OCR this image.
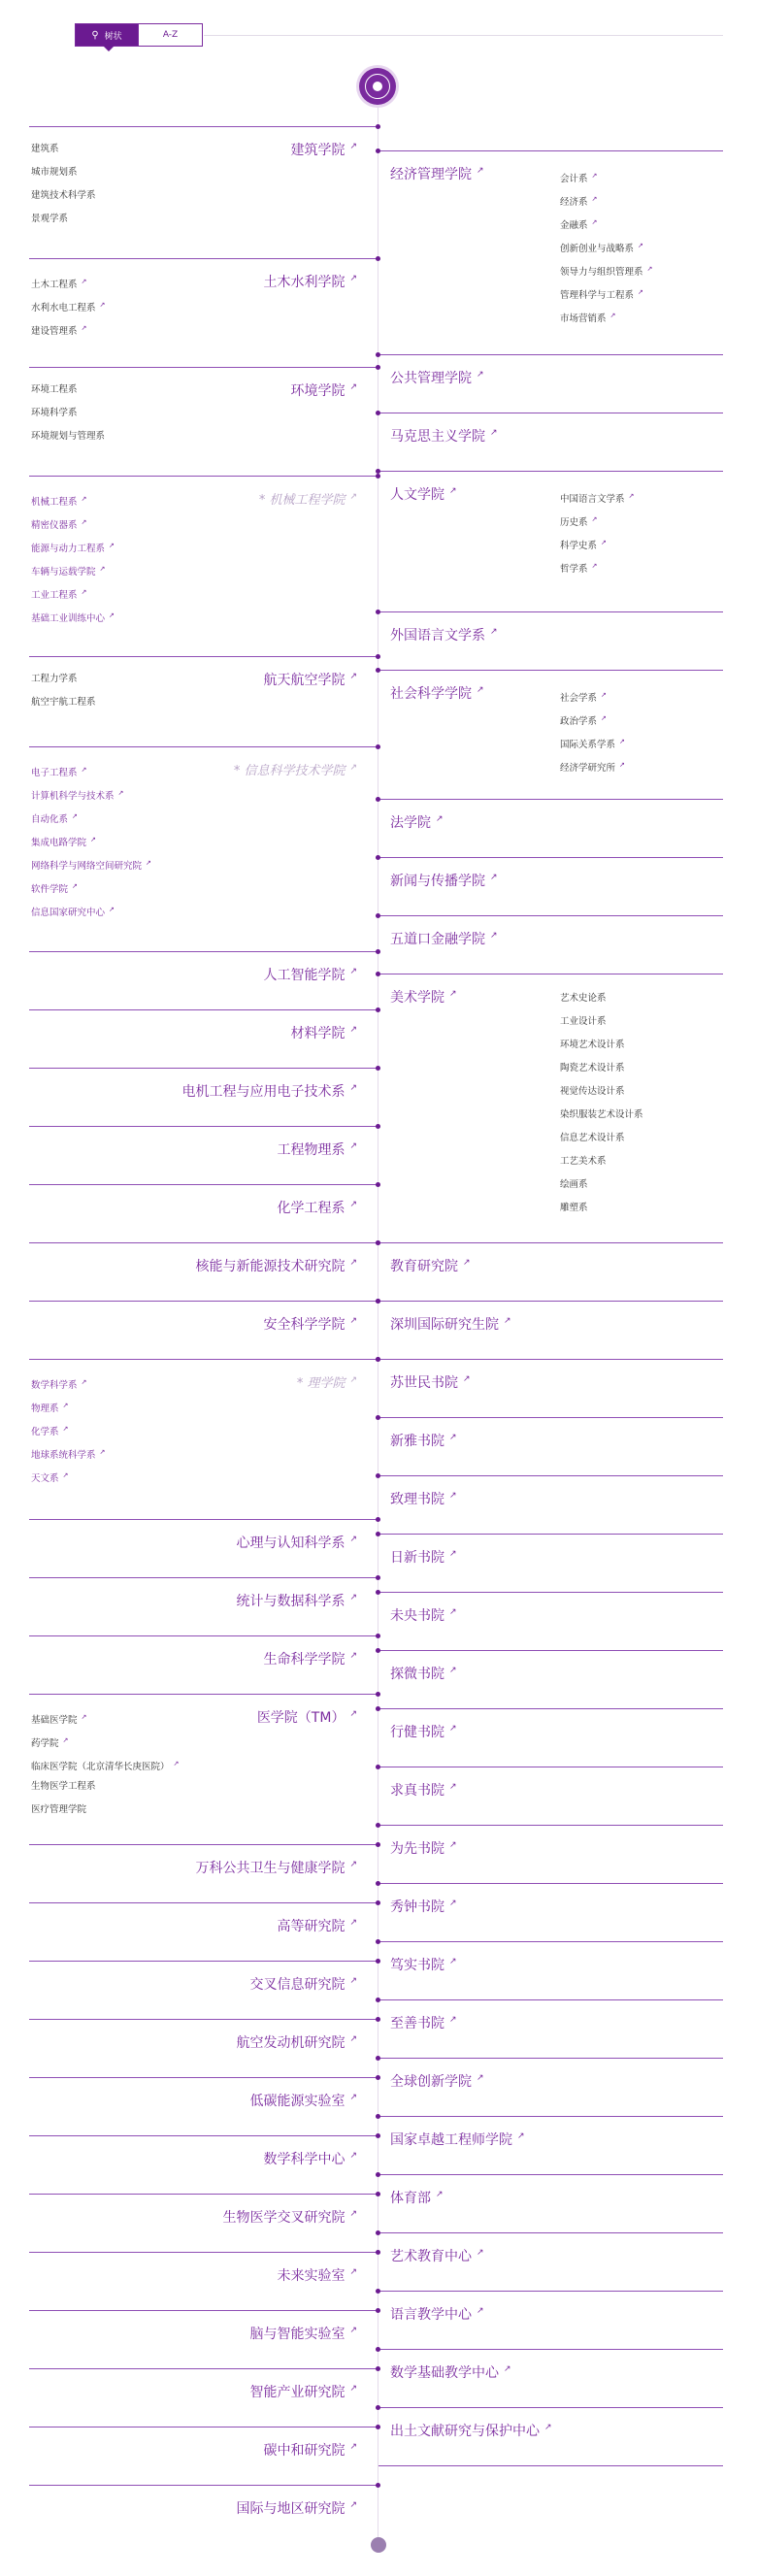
⚲ 树状	A-Z
建筑学院 ↗
建筑系
城市规划系
建筑技术科学系
景观学系
土木水利学院 ↗
土木工程系 ↗
水利水电工程系 ↗
建设管理系 ↗
环境学院 ↗
环境工程系
环境科学系
环境规划与管理系
* 机械工程学院 ↗
机械工程系 ↗
精密仪器系 ↗
能源与动力工程系 ↗
车辆与运载学院 ↗
工业工程系 ↗
基础工业训练中心 ↗
航天航空学院 ↗
工程力学系
航空宇航工程系
* 信息科学技术学院 ↗
电子工程系 ↗
计算机科学与技术系 ↗
自动化系 ↗
集成电路学院 ↗
网络科学与网络空间研究院 ↗
软件学院 ↗
信息国家研究中心 ↗
人工智能学院 ↗
材料学院 ↗
电机工程与应用电子技术系 ↗
工程物理系 ↗
化学工程系 ↗
核能与新能源技术研究院 ↗
安全科学学院 ↗
* 理学院 ↗
数学科学系 ↗
物理系 ↗
化学系 ↗
地球系统科学系 ↗
天文系 ↗
心理与认知科学系 ↗
统计与数据科学系 ↗
生命科学学院 ↗
医学院（TM） ↗
基础医学院 ↗
药学院 ↗
临床医学院（北京清华长庚医院） ↗
生物医学工程系
医疗管理学院
万科公共卫生与健康学院 ↗
高等研究院 ↗
交叉信息研究院 ↗
航空发动机研究院 ↗
低碳能源实验室 ↗
数学科学中心 ↗
生物医学交叉研究院 ↗
未来实验室 ↗
脑与智能实验室 ↗
智能产业研究院 ↗
碳中和研究院 ↗
国际与地区研究院 ↗
经济管理学院 ↗
会计系 ↗
经济系 ↗
金融系 ↗
创新创业与战略系 ↗
领导力与组织管理系 ↗
管理科学与工程系 ↗
市场营销系 ↗
公共管理学院 ↗
马克思主义学院 ↗
人文学院 ↗
中国语言文学系 ↗
历史系 ↗
科学史系 ↗
哲学系 ↗
外国语言文学系 ↗
社会科学学院 ↗
社会学系 ↗
政治学系 ↗
国际关系学系 ↗
经济学研究所 ↗
法学院 ↗
新闻与传播学院 ↗
五道口金融学院 ↗
美术学院 ↗	艺术史论系
工业设计系
环境艺术设计系
陶瓷艺术设计系
视觉传达设计系
染织服装艺术设计系
信息艺术设计系
工艺美术系
绘画系
雕塑系
教育研究院 ↗
深圳国际研究生院 ↗
苏世民书院 ↗
新雅书院 ↗
致理书院 ↗
日新书院 ↗
未央书院 ↗
探微书院 ↗
行健书院 ↗
求真书院 ↗
为先书院 ↗
秀钟书院 ↗
笃实书院 ↗
至善书院 ↗
全球创新学院 ↗
国家卓越工程师学院 ↗
体育部 ↗
艺术教育中心 ↗
语言教学中心 ↗
数学基础教学中心 ↗
出土文献研究与保护中心 ↗
